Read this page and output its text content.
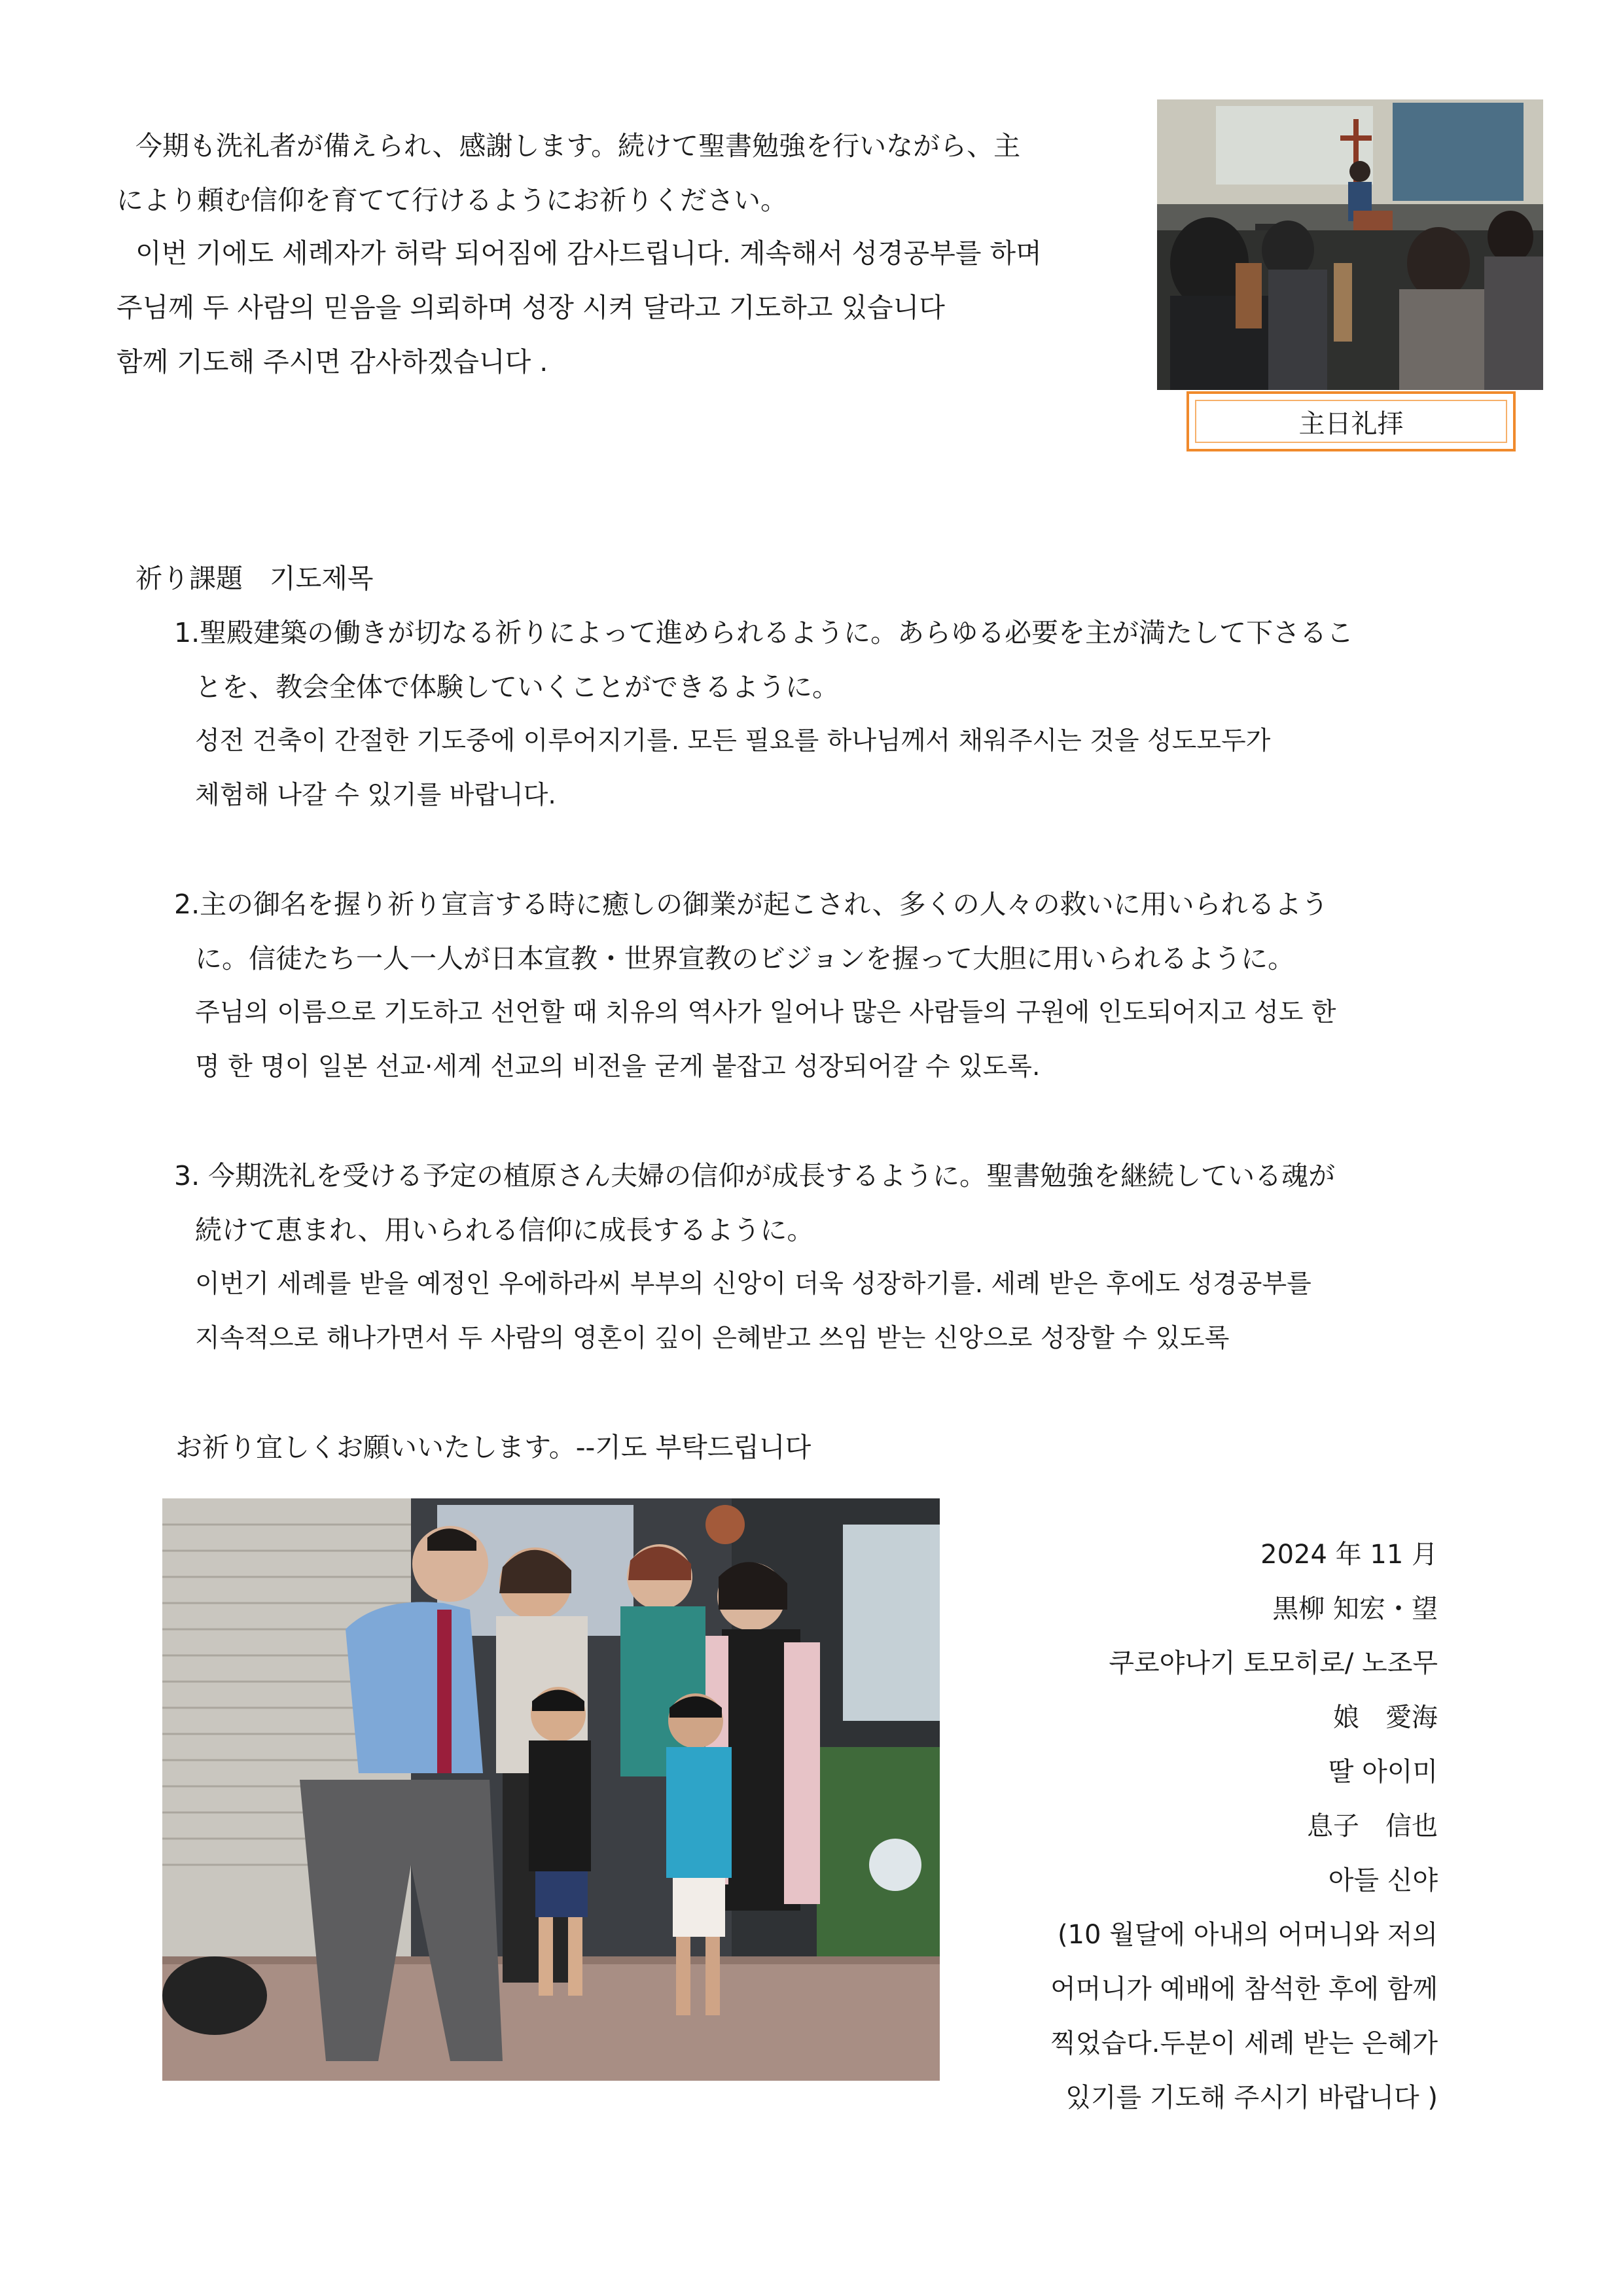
今期も洗礼者が備えられ、感謝します。続けて聖書勉強を行いながら、主
により頼む信仰を育てて行けるようにお祈りください。
이번 기에도 세례자가 허락 되어짐에 감사드립니다. 계속해서 성경공부를 하며
주님께 두 사람의 믿음을 의뢰하며 성장 시켜 달라고 기도하고 있습니다
함께 기도해 주시면 감사하겠습니다 .
主日礼拝
祈り課題　기도제목
1.聖殿建築の働きが切なる祈りによって進められるように。あらゆる必要を主が満たして下さるこ
とを、教会全体で体験していくことができるように。
성전 건축이 간절한 기도중에 이루어지기를. 모든 필요를 하나님께서 채워주시는 것을 성도모두가
체험해 나갈 수 있기를 바랍니다.
2.主の御名を握り祈り宣言する時に癒しの御業が起こされ、多くの人々の救いに用いられるよう
に。信徒たち一人一人が日本宣教・世界宣教のビジョンを握って大胆に用いられるように。
주님의 이름으로 기도하고 선언할 때 치유의 역사가 일어나 많은 사람들의 구원에 인도되어지고 성도 한
명 한 명이 일본 선교·세계 선교의 비전을 굳게 붙잡고 성장되어갈 수 있도록.
3. 今期洗礼を受ける予定の植原さん夫婦の信仰が成長するように。聖書勉強を継続している魂が
続けて恵まれ、用いられる信仰に成長するように。
이번기 세례를 받을 예정인 우에하라씨 부부의 신앙이 더욱 성장하기를. 세례 받은 후에도 성경공부를
지속적으로 해나가면서 두 사람의 영혼이 깊이 은혜받고 쓰임 받는 신앙으로 성장할 수 있도록
お祈り宜しくお願いいたします。--기도 부탁드립니다
2024 年 11 月
黒柳 知宏・望
쿠로야나기 토모히로/ 노조무
娘　愛海
딸 아이미
息子　信也
아들 신야
(10 월달에 아내의 어머니와 저의
어머니가 예배에 참석한 후에 함께
찍었습다.두분이 세례 받는 은혜가
있기를 기도해 주시기 바랍니다 )
